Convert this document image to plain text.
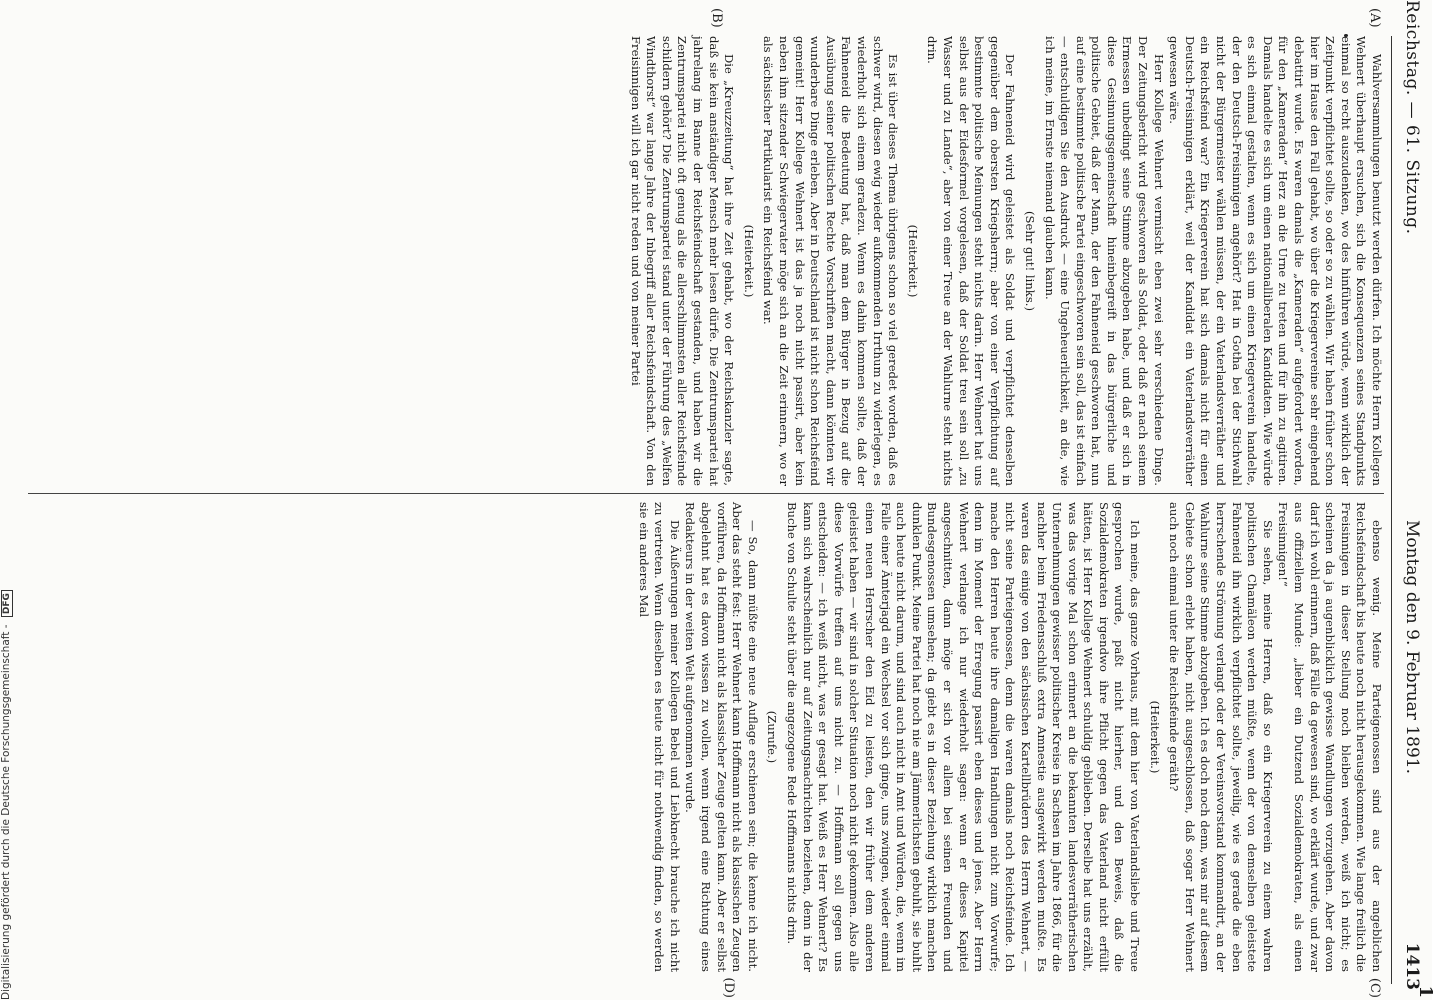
1
Reichstag. — 61. Sitzung.
Montag den 9. Februar 1891.
1413
(A)
(B)
(C)
(D)

Wahlversammlungen benutzt werden dürfen. Ich möchte Herrn Kollegen Wehnert überhaupt ersuchen, sich die Konsequenzen seines Standpunkts einmal so recht auszudenken, wo des hinführen würde, wenn wirklich der Zeitpunkt verpflichtet sollte, so oder so zu wählen. Wir haben früher schon hier im Hause den Fall gehabt, wo über die Kriegervereine sehr eingehend debattirt wurde. Es waren damals die „Kameraden“ aufgefordert worden, für den „Kameraden“ Herz an die Urne zu treten und für ihn zu agitiren. Damals handelte es sich um einen nationalliberalen Kandidaten. Wie würde es sich einmal gestalten, wenn es sich um einen Kriegerverein handelte, der den Deutsch-Freisinnigen angehört? Hat in Gotha bei der Stichwahl nicht der Bürgermeister wählen müssen, der ein Vaterlandsverräther und ein Reichsfeind war? Ein Kriegerverein hat sich damals nicht für einen Deutsch-Freisinnigen erklärt, weil der Kandidat ein Vaterlandsverräther gewesen wäre.

Herr Kollege Wehnert vermischt eben zwei sehr verschiedene Dinge. Der Zeitungsbericht wird geschworen als Soldat, oder daß er nach seinem Ermessen unbedingt seine Stimme abzugeben habe, und daß er sich in diese Gesinnungsgemeinschaft hineinbegreift in das bürgerliche und politische Gebiet, daß der Mann, der den Fahneneid geschworen hat, nun auf eine bestimmte politische Partei eingeschworen sein soll, das ist einfach — entschuldigen Sie den Ausdruck — eine Ungeheuerlichkeit, an die, wie ich meine, im Ernste niemand glauben kann.

(Sehr gut! links.)

Der Fahneneid wird geleistet als Soldat und verpflichtet denselben gegenüber dem obersten Kriegsherrn; aber von einer Verpflichtung auf bestimmte politische Meinungen steht nichts darin. Herr Wehnert hat uns selbst aus der Eidesformel vorgelesen, daß der Soldat treu sein soll „zu Wasser und zu Lande“, aber von einer Treue an der Wahlurne steht nichts drin.

(Heiterkeit.)

Es ist über dieses Thema übrigens schon so viel geredet worden, daß es schwer wird, diesen ewig wieder aufkommenden Irrthum zu widerlegen, es wiederholt sich einem geradezu. Wenn es dahin kommen sollte, daß der Fahneneid die Bedeutung hat, daß man dem Bürger in Bezug auf die Ausübung seiner politischen Rechte Vorschriften macht, dann könnten wir wunderbare Dinge erleben. Aber in Deutschland ist nicht schon Reichsfeind gemeint! Herr Kollege Wehnert ist das ja noch nicht passirt, aber kein neben ihm sitzender Schwiegervater möge sich an die Zeit erinnern, wo er als sächsischer Partikularist ein Reichsfeind war.

(Heiterkeit.)

Die „Kreuzzeitung“ hat ihre Zeit gehabt, wo der Reichskanzler sagte, daß sie kein anständiger Mensch mehr lesen dürfe. Die Zentrumspartei hat jahrelang im Banne der Reichsfeindschaft gestanden, und haben wir die Zentrumspartei nicht oft genug als die allerschlimmsten aller Reichsfeinde schildern gehört? Die Zentrumspartei stand unter der Führung des „Welfen Windthorst“ war lange Jahre der Inbegriff aller Reichsfeindschaft. Von den Freisinnigen will ich gar nicht reden und von meiner Partei

ebenso wenig. Meine Parteigenossen sind aus der angeblichen Reichsfeindschaft bis heute noch nicht herausgekommen. Wie lange freilich die Freisinnigen in dieser Stellung noch bleiben werden, weiß ich nicht; es scheinen da ja augenblicklich gewisse Wandlungen vorzugehen. Aber davon darf ich wohl erinnern, daß Fälle da gewesen sind, wo erklärt wurde, und zwar aus offiziellem Munde: „lieber ein Dutzend Sozialdemokraten, als einen Freisinnigen!“

Sie sehen, meine Herren, daß so ein Kriegerverein zu einem wahren politischen Chamäleon werden müßte, wenn der von demselben geleistete Fahneneid ihn wirklich verpflichtet sollte, jeweilig, wie es gerade die eben herrschende Strömung verlangt oder der Vereinsvorstand kommandirt, an der Wahlurne seine Stimme abzugeben. Ich es doch noch denn, was mir auf diesem Gebiete schon erlebt haben, nicht ausgeschlossen, daß sogar Herr Wehnert auch noch einmal unter die Reichsfeinde geräth?

(Heiterkeit.)

Ich meine, das ganze Vorhaus, mit dem hier von Vaterlandsliebe und Treue gesprochen wurde, paßt nicht hierher, und den Beweis, daß die Sozialdemokraten irgendwo ihre Pflicht gegen das Vaterland nicht erfüllt hätten, ist Herr Kollege Wehnert schuldig geblieben. Derselbe hat uns erzählt, was das vorige Mal schon erinnert an die bekannten landesverrätherischen Unternehmungen gewisser politischer Kreise in Sachsen im Jahre 1866, für die nachher beim Friedensschluß extra Amnestie ausgewirkt werden mußte. Es waren das einige von den sächsischen Kartellbrüdern des Herrn Wehnert, — nicht seine Parteigenossen, denn die waren damals noch Reichsfeinde. Ich mache den Herren heute ihre damaligen Handlungen nicht zum Vorwurfe; denn im Moment der Erregung passirt eben dieses und jenes. Aber Herrn Wehnert verlange ich nur wiederholt sagen: wenn er dieses Kapitel angeschnitten, dann möge er sich vor allem bei seinen Freunden und Bundesgenossen umsehen; da giebt es in dieser Beziehung wirklich manchen dunklen Punkt. Meine Partei hat noch nie am Jämmerlichsten gebuhlt, sie buhlt auch heute nicht darum, und sind auch nicht in Amt und Würden, die, wenn im Falle einer Ämterjagd ein Wechsel vor sich ginge, uns zwingen, wieder einmal einen neuen Herrscher den Eid zu leisten, den wir früher dem anderen geleistet haben — wir sind in solcher Situation noch nicht gekommen. Also alle diese Vorwürfe treffen auf uns nicht zu. — Hoffmann soll gegen uns entscheiden: — ich weiß nicht, was er gesagt hat. Weiß es Herr Wehnert? Es kann sich wahrscheinlich nur auf Zeitungsnachrichten beziehen, denn in der Buche von Schulte steht über die angezogene Rede Hoffmanns nichts drin.

(Zurufe.)

— So, dann müßte eine neue Auflage erschienen sein; die kenne ich nicht. Aber das steht fest: Herr Wehnert kann Hoffmann nicht als klassischen Zeugen vorführen, da Hoffmann nicht als klassischer Zeuge gelten kann. Aber er selbst abgelehnt hat es davon wissen zu wollen, wenn irgend eine Richtung eines Redakteurs in der weiten Welt aufgenommen wurde.

Die Äußerungen meiner Kollegen Bebel und Liebknecht brauche ich nicht zu vertreten. Wenn dieselben es heute nicht für nothwendig finden, so werden sie ein anderes Mal

Digitalisierung gefördert durch die Deutsche Forschungsgemeinschaft - DFG
